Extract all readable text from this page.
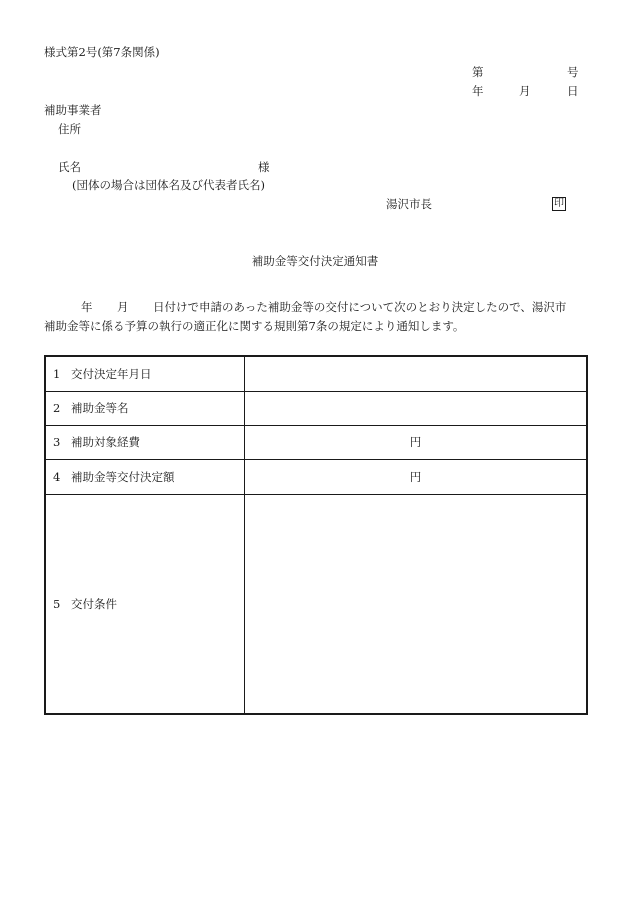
様式第2号(第7条関係)
第	号
年	月	日
補助事業者
住所
氏名	様
(団体の場合は団体名及び代表者氏名)
湯沢市長	印
補助金等交付決定通知書
年 月 日付けで申請のあった補助金等の交付について次のとおり決定したので、湯沢市
補助金等に係る予算の執行の適正化に関する規則第7条の規定により通知します。
1 交付決定年月日	
2 補助金等名	
3 補助対象経費	円
4 補助金等交付決定額	円
5 交付条件	
